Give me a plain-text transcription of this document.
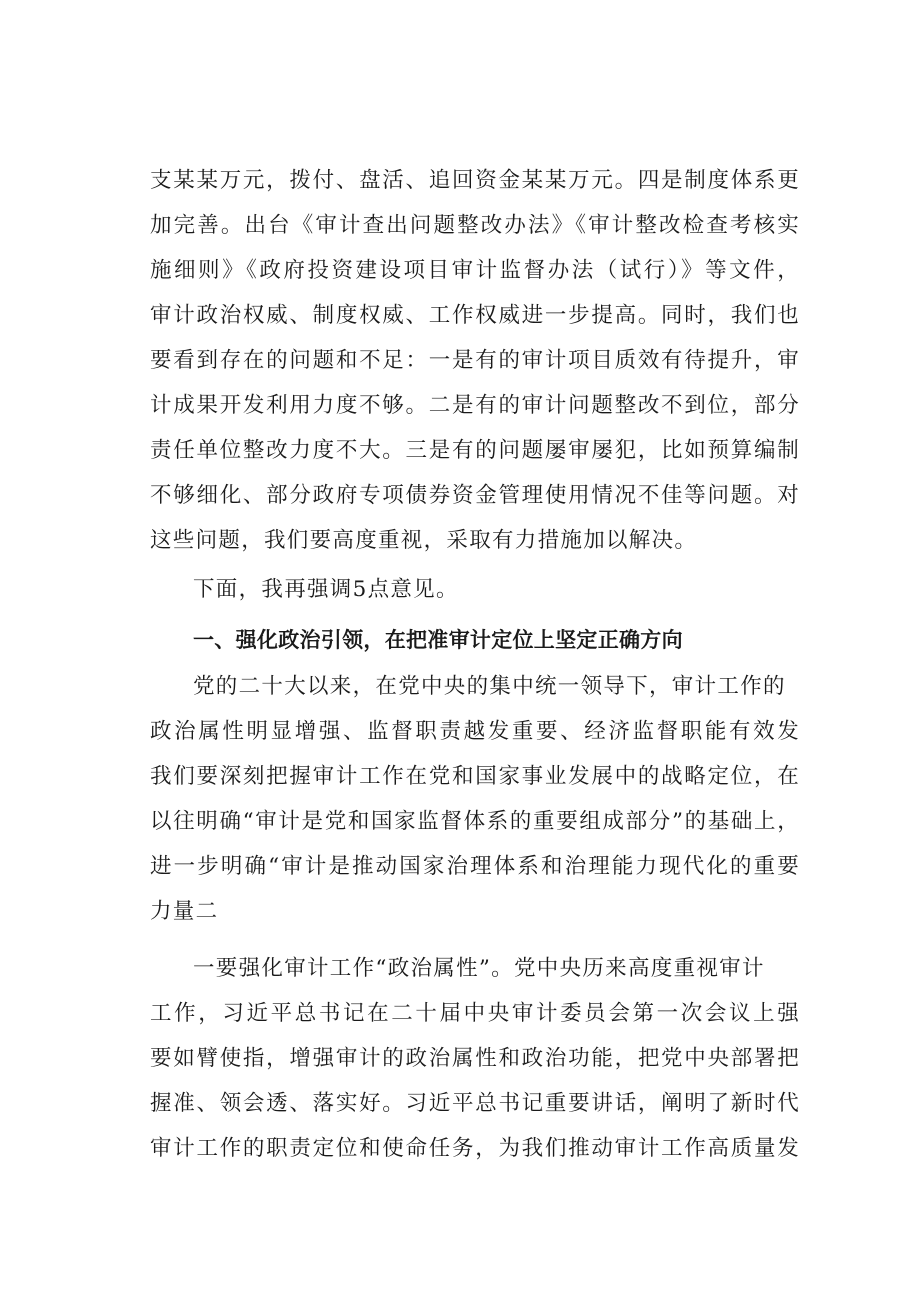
支某某万元，拨付、盘活、追回资金某某万元。四是制度体系更
加完善。出台《审计查出问题整改办法》《审计整改检查考核实
施细则》《政府投资建设项目审计监督办法（试行）》等文件，
审计政治权威、制度权威、工作权威进一步提高。同时，我们也
要看到存在的问题和不足：一是有的审计项目质效有待提升，审
计成果开发利用力度不够。二是有的审计问题整改不到位，部分
责任单位整改力度不大。三是有的问题屡审屡犯，比如预算编制
不够细化、部分政府专项债券资金管理使用情况不佳等问题。对
这些问题，我们要高度重视，采取有力措施加以解决。
下面，我再强调5点意见。
一、强化政治引领，在把准审计定位上坚定正确方向
党的二十大以来，在党中央的集中统一领导下，审计工作的
政治属性明显增强、监督职责越发重要、经济监督职能有效发
我们要深刻把握审计工作在党和国家事业发展中的战略定位，在
以往明确“审计是党和国家监督体系的重要组成部分”的基础上，
进一步明确“审计是推动国家治理体系和治理能力现代化的重要
力量二
一要强化审计工作“政治属性”。党中央历来高度重视审计
工作，习近平总书记在二十届中央审计委员会第一次会议上强
要如臂使指，增强审计的政治属性和政治功能，把党中央部署把
握准、领会透、落实好。习近平总书记重要讲话，阐明了新时代
审计工作的职责定位和使命任务，为我们推动审计工作高质量发
